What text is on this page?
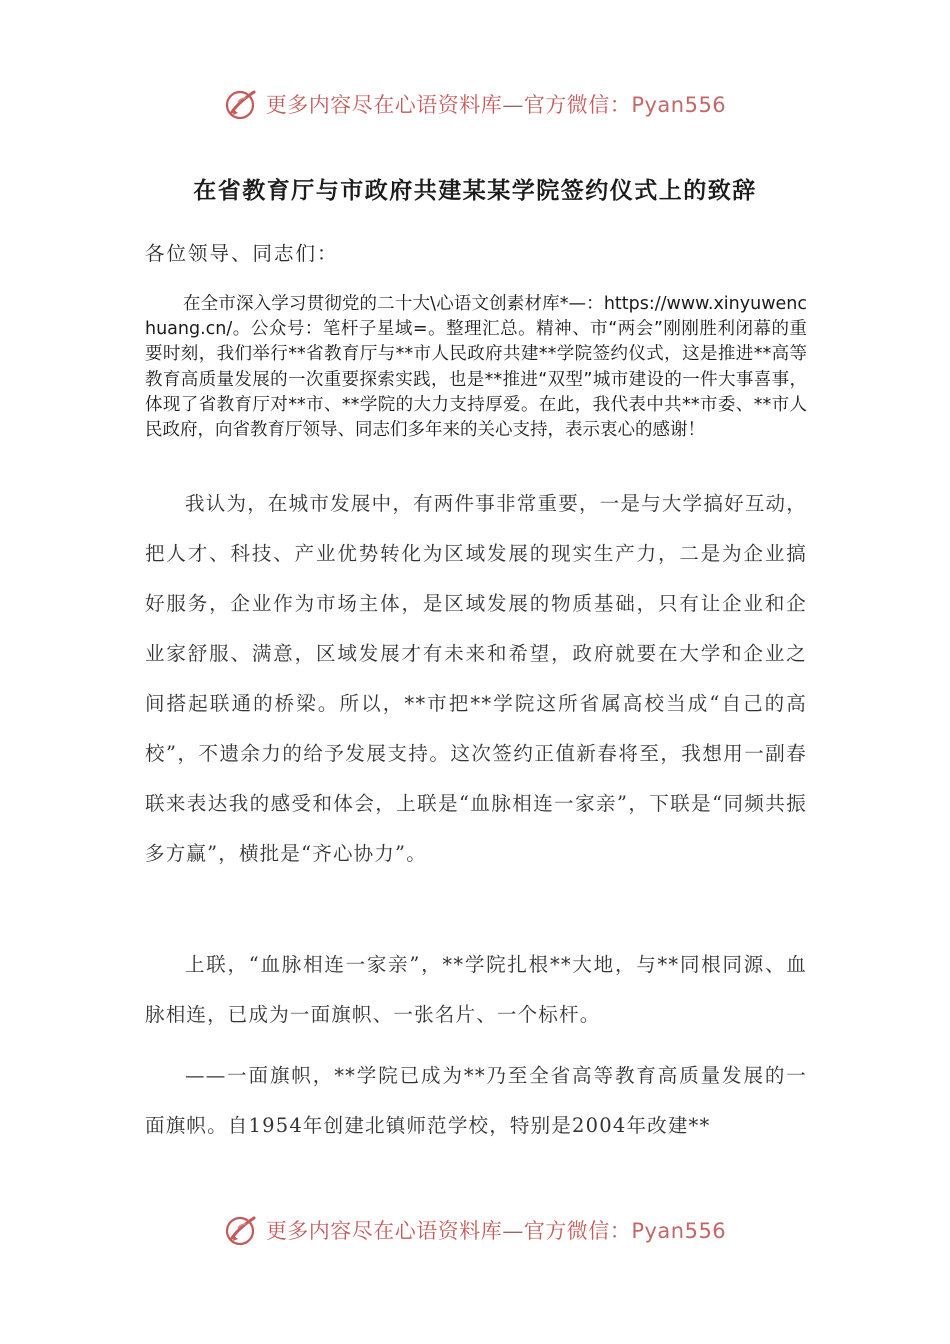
更多内容尽在心语资料库—官方微信：Pyan556
在省教育厅与市政府共建某某学院签约仪式上的致辞
各位领导、同志们：

在全市深入学习贯彻党的二十大\心语文创素材库*—：https://www.xinyuwenchuang.cn/。公众号：笔杆子星域=。整理汇总。精神、市“两会”刚刚胜利闭幕的重要时刻，我们举行**省教育厅与**市人民政府共建**学院签约仪式，这是推进**高等教育高质量发展的一次重要探索实践，也是**推进“双型”城市建设的一件大事喜事，体现了省教育厅对**市、**学院的大力支持厚爱。在此，我代表中共**市委、**市人民政府，向省教育厅领导、同志们多年来的关心支持，表示衷心的感谢！

我认为，在城市发展中，有两件事非常重要，一是与大学搞好互动，把人才、科技、产业优势转化为区域发展的现实生产力，二是为企业搞好服务，企业作为市场主体，是区域发展的物质基础，只有让企业和企业家舒服、满意，区域发展才有未来和希望，政府就要在大学和企业之间搭起联通的桥梁。所以，**市把**学院这所省属高校当成“自己的高校”，不遗余力的给予发展支持。这次签约正值新春将至，我想用一副春联来表达我的感受和体会，上联是“血脉相连一家亲”，下联是“同频共振多方赢”，横批是“齐心协力”。

上联，“血脉相连一家亲”，**学院扎根**大地，与**同根同源、血脉相连，已成为一面旗帜、一张名片、一个标杆。

——一面旗帜，**学院已成为**乃至全省高等教育高质量发展的一面旗帜。自1954年创建北镇师范学校，特别是2004年改建**

更多内容尽在心语资料库—官方微信：Pyan556
